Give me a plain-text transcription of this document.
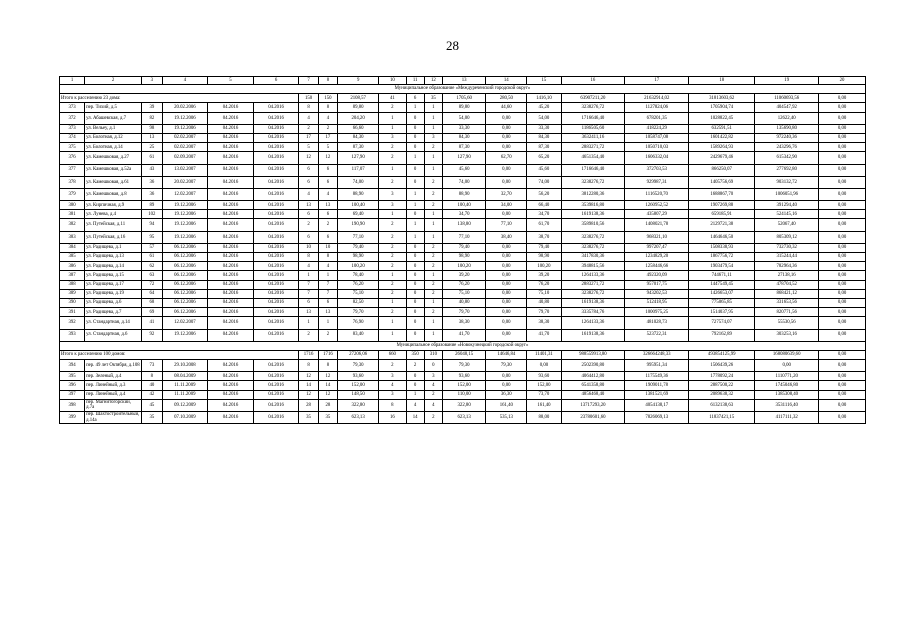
28
1	2	3	4	5	6	7	8	9	10	11	12	13	14	15	16	17	18	19	20
Муниципальное образование «Междуреченский городской округ»																			
Итого к расселению 23 дома:						150	150	2108,57	41	6	35	1705,60	280,50	1416,10	63907211,20	21632914,02	31813603,62	11060693,56	0,00
373	пер. Тихий, д.5	39	20.02.2006	04.2016	04.2016	8	8	89,80	2	1	1	89,80	44,60	45,20	3238276,72	1127824,06	1705904,74	404547,92	0,00
372	ул. Абашевская, д.7	82	19.12.2006	04.2016	04.2016	4	4	204,20	1	0	1	54,00	0,00	54,00	1716646,40	678201,35	1028822,45	12622,40	0,00
373	ул. Вельеу, д.1	98	19.12.2006	04.2016	04.2016	2	2	66,60	1	0	1	33,30	0,00	33,30	1186505,60	418224,29	632591,51	135690,80	0,00
374	ул. Болотная, д.12	13	02.02.2007	04.2016	04.2016	17	17	84,30	3	0	3	84,30	0,00	84,30	3632411,16	1058747,08	1601422,82	972240,36	0,00
375	ул. Болотная, д.14	25	02.02.2007	04.2016	04.2016	5	5	87,30	2	0	2	87,30	0,00	87,30	2883271,72	1050710,03	1589264,93	243296,76	0,00
376	ул. Камешковая, д.27	61	02.09.2007	04.2016	04.2016	12	12	127,90	2	1	1	127,90	62,70	65,20	4651354,40	1606332,04	2429679,46	615342,90	0,00
377	ул. Камешковая, д.52а	43	13.02.2007	04.2016	04.2016	6	6	117,07	1	0	1	45,60	0,00	45,60	1716646,40	372703,53	866250,07	277692,80	0,00
378	ул. Камешковая, д.61	36	20.02.2007	04.2016	04.2016	6	6	74,00	2	0	2	74,00	0,00	74,00	3238276,72	929987,31	1405756,69	903132,72	0,00
379	ул. Камешковая, д.8	36	12.02.2007	04.2016	04.2016	4	4	88,90	3	1	2	88,90	32,70	56,20	3812280,36	1116520,70	1688867,70	1006051,96	0,00
380	ул. Кирпичная, д.9	89	19.12.2006	04.2016	04.2016	13	13	100,40	3	1	2	100,40	34,00	66,40	3539816,80	1260952,52	1907269,88	391294,40	0,00
381	ул. Лунева, д.4	102	19.12.2006	04.2016	04.2016	6	6	69,40	1	0	1	34,70	0,00	34,70	1619138,36	435807,29	659185,91	524145,16	0,00
382	ул. Путейская, д.11	94	19.12.2006	04.2016	04.2016	2	2	190,90	2	1	1	138,80	77,10	61,70	3589810,56	1408021,78	2129721,38	52067,40	0,00
383	ул. Путейская, д.16	95	19.12.2006	04.2016	04.2016	6	6	77,10	2	1	1	77,10	38,40	38,70	3238276,72	968321,10	1464646,50	805309,12	0,00
384	ул. Радищева, д.1	57	06.12.2006	04.2016	04.2016	10	10	79,40	2	0	2	79,40	0,00	79,40	3238276,72	997207,47	1508338,93	732730,32	0,00
385	ул. Радищева, д.13	61	06.12.2006	04.2016	04.2016	8	8	98,90	2	0	2	98,90	0,00	98,90	3417830,36	1234829,20	1867756,72	315244,44	0,00
386	ул. Радищева, д.14	62	06.12.2006	04.2016	04.2016	4	4	100,20	2	0	2	100,20	0,00	100,20	3948815,56	1258446,66	1903479,54	782964,36	0,00
387	ул. Радищева, д.15	63	06.12.2006	04.2016	04.2016	1	1	78,40	1	0	1	39,20	0,00	39,20	1264133,36	492320,09	744671,11	27138,16	0,00
388	ул. Радищева, д.17	72	06.12.2006	04.2016	04.2016	7	7	76,20	2	0	2	76,20	0,00	76,20	2883271,72	957017,75	1447549,45	478704,52	0,00
389	ул. Радищева, д.19	64	06.12.2006	04.2016	04.2016	7	7	75,10	2	0	2	75,10	0,00	75,10	3238276,72	943202,53	1426653,07	868421,12	0,00
390	ул. Радищева, д.6	68	06.12.2006	04.2016	04.2016	6	6	82,50	1	0	1	40,80	0,00	40,80	1619138,36	512418,95	775065,85	331653,56	0,00
391	ул. Радищева, д.7	69	06.12.2006	04.2016	04.2016	13	13	79,70	2	0	2	79,70	0,00	79,70	3335784,76	1000975,25	1514037,95	820771,56	0,00
392	ул. Стандартная, д.14	41	12.02.2007	04.2016	04.2016	1	1	76,90	1	0	1	38,30	0,00	38,30	1264133,36	481028,73	727574,07	55530,56	0,00
393	ул. Стандартная, д.6	92	19.12.2006	04.2016	04.2016	2	2	83,40	1	0	1	41,70	0,00	41,70	1619138,36	523722,31	792162,89	303253,16	0,00
Муниципальное образование «Новокузнецкий городской округ»																			
Итого к расселению 100 домов:						1716	1716	27206,06	660	350	310	26048,15	14646,84	11401,31	988559913,80	326664248,33	493854125,99	168080639,60	0,00
394	пер. 49 лет Октября, д.108	73	29.10.2008	04.2016	04.2016	8	8	79,30	2	2	0	79,30	79,30	0,00	2502390,80	995951,34	1506439,26	0,00	0,00
395	пер. Зеленый, д.4	8	08.04.2009	04.2016	04.2016	12	12	93,60	3	0	3	93,60	0,00	93,60	4064412,80	1175549,36	1778092,24	1110771,20	0,00
396	пер. Линейный, д.3	40	11.11.2009	04.2016	04.2016	14	14	152,00	4	0	4	152,00	0,00	152,00	6541358,80	1909011,78	2887500,22	1745046,80	0,00
397	пер. Линейный, д.4	42	11.11.2009	04.2016	04.2016	12	12	148,50	3	1	2	110,00	36,30	73,70	4856468,40	1381521,69	2089638,32	1385308,40	0,00
398	пер. Магнитогорский, д.7а	45	09.12.2009	04.2016	04.2016	28	28	322,80	8	4	4	322,80	161,40	161,40	13717293,20	4054138,17	6132138,63	3531116,40	0,00
399	пер. Шахтостроительный, д.14а	35	07.10.2009	04.2016	04.2016	35	35	623,13	16	14	2	623,13	535,13	88,00	23780601,60	7826069,13	11837421,15	4117111,32	0,00
